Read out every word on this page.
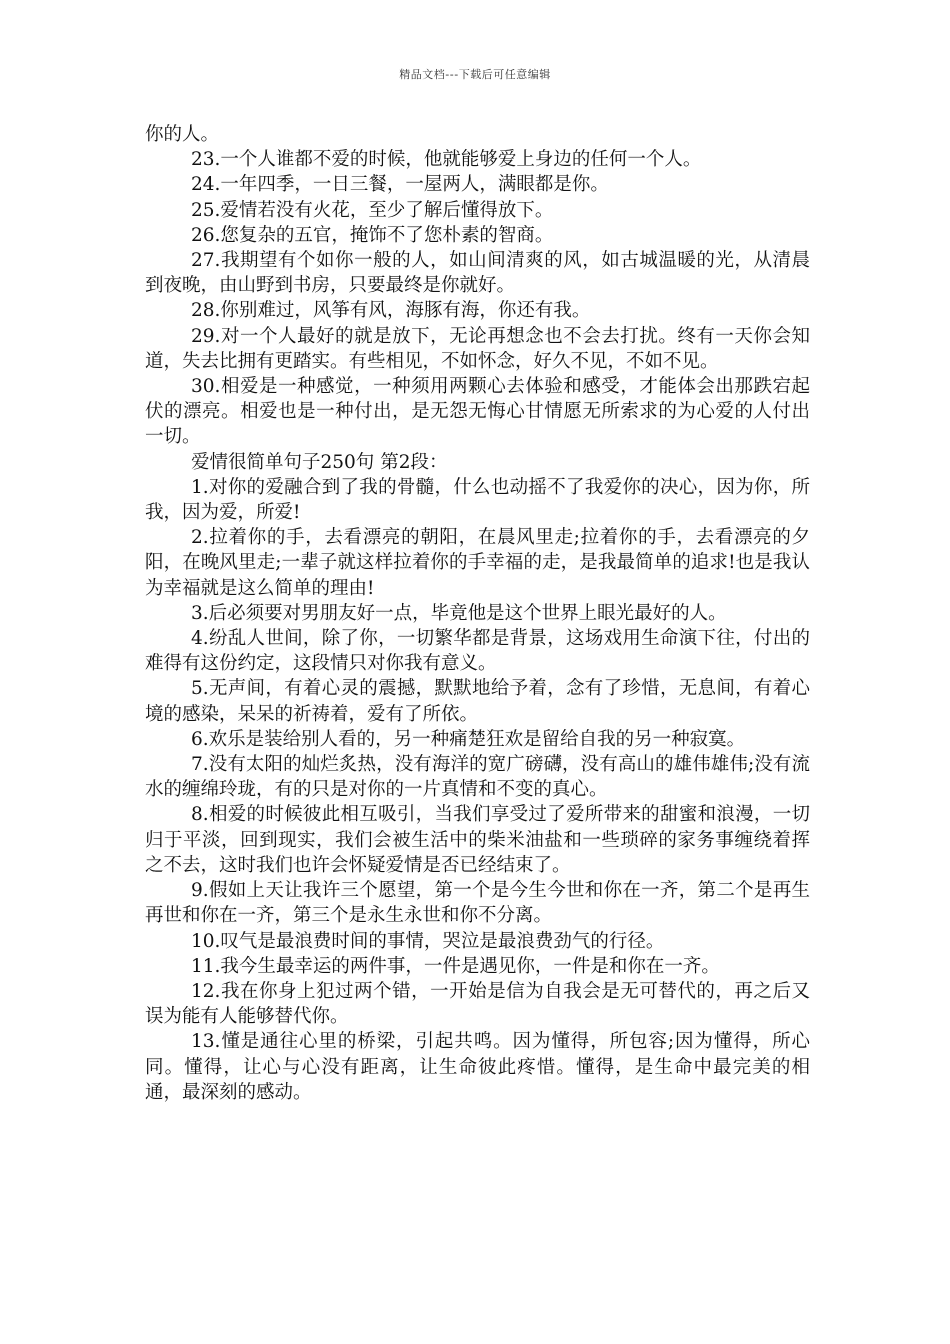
精品文档---下载后可任意编辑

你的人。

23.一个人谁都不爱的时候，他就能够爱上身边的任何一个人。

24.一年四季，一日三餐，一屋两人，满眼都是你。

25.爱情若没有火花，至少了解后懂得放下。

26.您复杂的五官，掩饰不了您朴素的智商。

27.我期望有个如你一般的人，如山间清爽的风，如古城温暖的光，从清晨到夜晚，由山野到书房，只要最终是你就好。

28.你别难过，风筝有风，海豚有海，你还有我。

29.对一个人最好的就是放下，无论再想念也不会去打扰。终有一天你会知道，失去比拥有更踏实。有些相见，不如怀念，好久不见，不如不见。

30.相爱是一种感觉，一种须用两颗心去体验和感受，才能体会出那跌宕起伏的漂亮。相爱也是一种付出，是无怨无悔心甘情愿无所索求的为心爱的人付出一切。

爱情很简单句子250句 第2段：

1.对你的爱融合到了我的骨髓，什么也动摇不了我爱你的决心，因为你，所我，因为爱，所爱!

2.拉着你的手，去看漂亮的朝阳，在晨风里走;拉着你的手，去看漂亮的夕阳，在晚风里走;一辈子就这样拉着你的手幸福的走，是我最简单的追求!也是我认为幸福就是这么简单的理由!

3.后必须要对男朋友好一点，毕竟他是这个世界上眼光最好的人。

4.纷乱人世间，除了你，一切繁华都是背景，这场戏用生命演下往，付出的难得有这份约定，这段情只对你我有意义。

5.无声间，有着心灵的震撼，默默地给予着，念有了珍惜，无息间，有着心境的感染，呆呆的祈祷着，爱有了所依。

6.欢乐是装给别人看的，另一种痛楚狂欢是留给自我的另一种寂寞。

7.没有太阳的灿烂炙热，没有海洋的宽广磅礴，没有高山的雄伟雄伟;没有流水的缠绵玲珑，有的只是对你的一片真情和不变的真心。

8.相爱的时候彼此相互吸引，当我们享受过了爱所带来的甜蜜和浪漫，一切归于平淡，回到现实，我们会被生活中的柴米油盐和一些琐碎的家务事缠绕着挥之不去，这时我们也许会怀疑爱情是否已经结束了。

9.假如上天让我许三个愿望，第一个是今生今世和你在一齐，第二个是再生再世和你在一齐，第三个是永生永世和你不分离。

10.叹气是最浪费时间的事情，哭泣是最浪费劲气的行径。

11.我今生最幸运的两件事，一件是遇见你，一件是和你在一齐。

12.我在你身上犯过两个错，一开始是信为自我会是无可替代的，再之后又误为能有人能够替代你。

13.懂是通往心里的桥梁，引起共鸣。因为懂得，所包容;因为懂得，所心同。懂得，让心与心没有距离，让生命彼此疼惜。懂得，是生命中最完美的相通，最深刻的感动。
